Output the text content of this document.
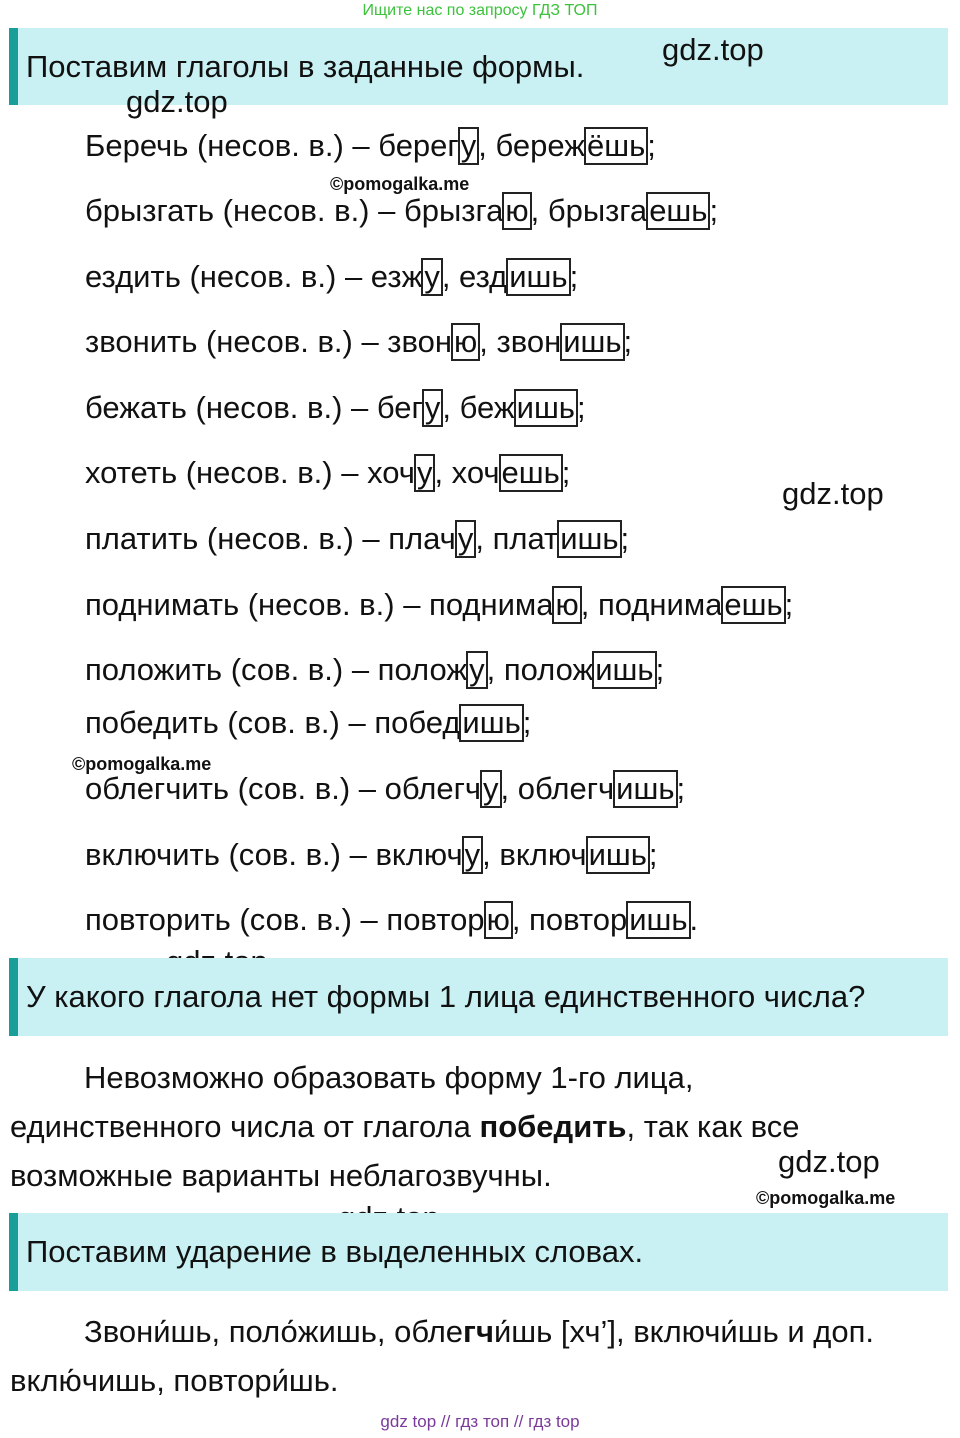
Ищите нас по запросу ГДЗ ТОП
Поставим глаголы в заданные формы.	gdz.top
gdz.top
©pomogalka.me
gdz.top
©pomogalka.me
Беречь (несов. в.) – берегу, бережёшь;
брызгать (несов. в.) – брызгаю, брызгаешь;
ездить (несов. в.) – езжу, ездишь;
звонить (несов. в.) – звоню, звонишь;
бежать (несов. в.) – бегу, бежишь;
хотеть (несов. в.) – хочу, хочешь;
платить (несов. в.) – плачу, платишь;
поднимать (несов. в.) – поднимаю, поднимаешь;
положить (сов. в.) – положу, положишь;
победить (сов. в.) – победишь;
облегчить (сов. в.) – облегчу, облегчишь;
включить (сов. в.) – включу, включишь;
повторить (сов. в.) – повторю, повторишь.
У какого глагола нет формы 1 лица единственного числа?
Невозможно образовать форму 1-го лица,
единственного числа от глагола победить, так как все
возможные варианты неблагозвучны.	gdz.top
©pomogalka.me
Поставим ударение в выделенных словах.
Звони́шь, поло́жишь, облегчи́шь [хч’], включи́шь и доп.
вклю́чишь, повтори́шь.
gdz top // гдз топ // гдз top
